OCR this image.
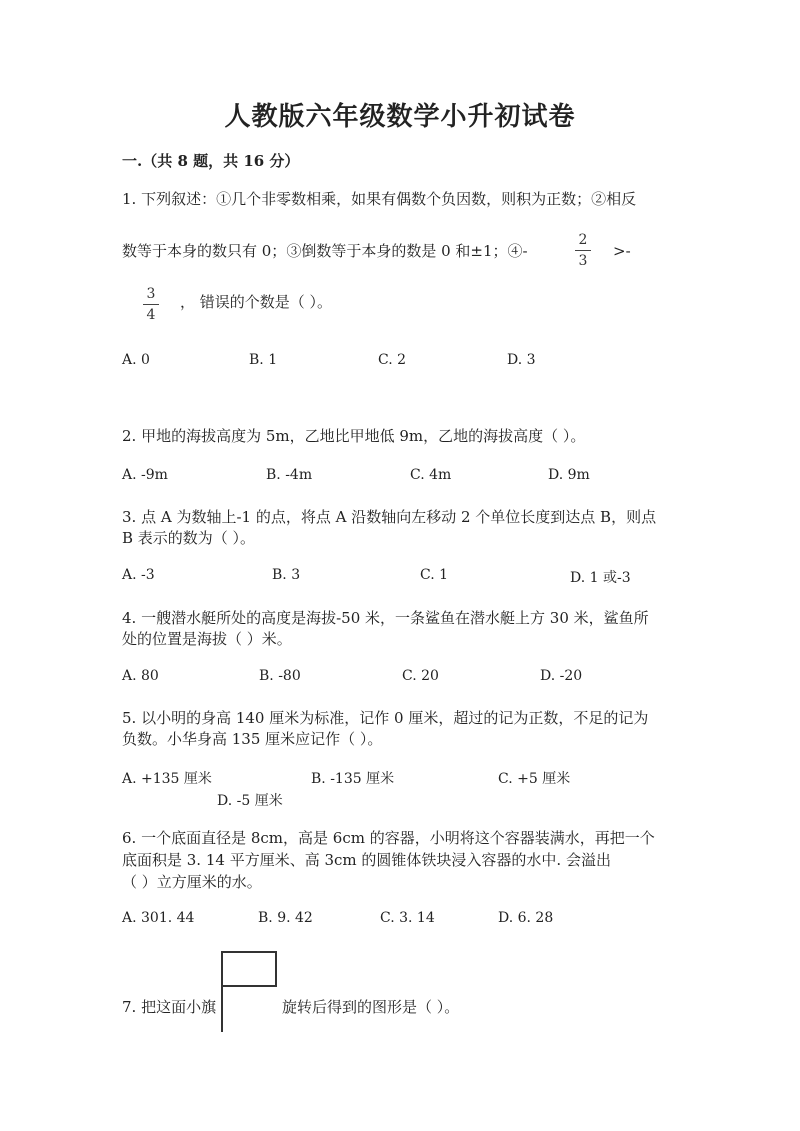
人教版六年级数学小升初试卷
一.（共 8 题，共 16 分）
1. 下列叙述：①几个非零数相乘，如果有偶数个负因数，则积为正数；②相反
数等于本身的数只有 0；③倒数等于本身的数是 0 和±1；④-
2
3
>-
3
4
， 错误的个数是（ ）。
A. 0	B. 1	C. 2	D. 3
2. 甲地的海拔高度为 5m，乙地比甲地低 9m，乙地的海拔高度（ ）。
A. -9m	B. -4m	C. 4m	D. 9m
3. 点 A 为数轴上-1 的点，将点 A 沿数轴向左移动 2 个单位长度到达点 B，则点
B 表示的数为（ ）。
A. -3	B. 3	C. 1	D. 1 或-3
4. 一艘潜水艇所处的高度是海拔-50 米，一条鲨鱼在潜水艇上方 30 米，鲨鱼所
处的位置是海拔（ ）米。
A. 80	B. -80	C. 20	D. -20
5. 以小明的身高 140 厘米为标准，记作 0 厘米，超过的记为正数，不足的记为
负数。小华身高 135 厘米应记作（ ）。
A. +135 厘米	B. -135 厘米	C. +5 厘米
D. -5 厘米
6. 一个底面直径是 8cm，高是 6cm 的容器，小明将这个容器装满水，再把一个
底面积是 3. 14 平方厘米、高 3cm 的圆锥体铁块浸入容器的水中. 会溢出
（ ）立方厘米的水。
A. 301. 44	B. 9. 42	C. 3. 14	D. 6. 28
7. 把这面小旗	旋转后得到的图形是（ ）。
